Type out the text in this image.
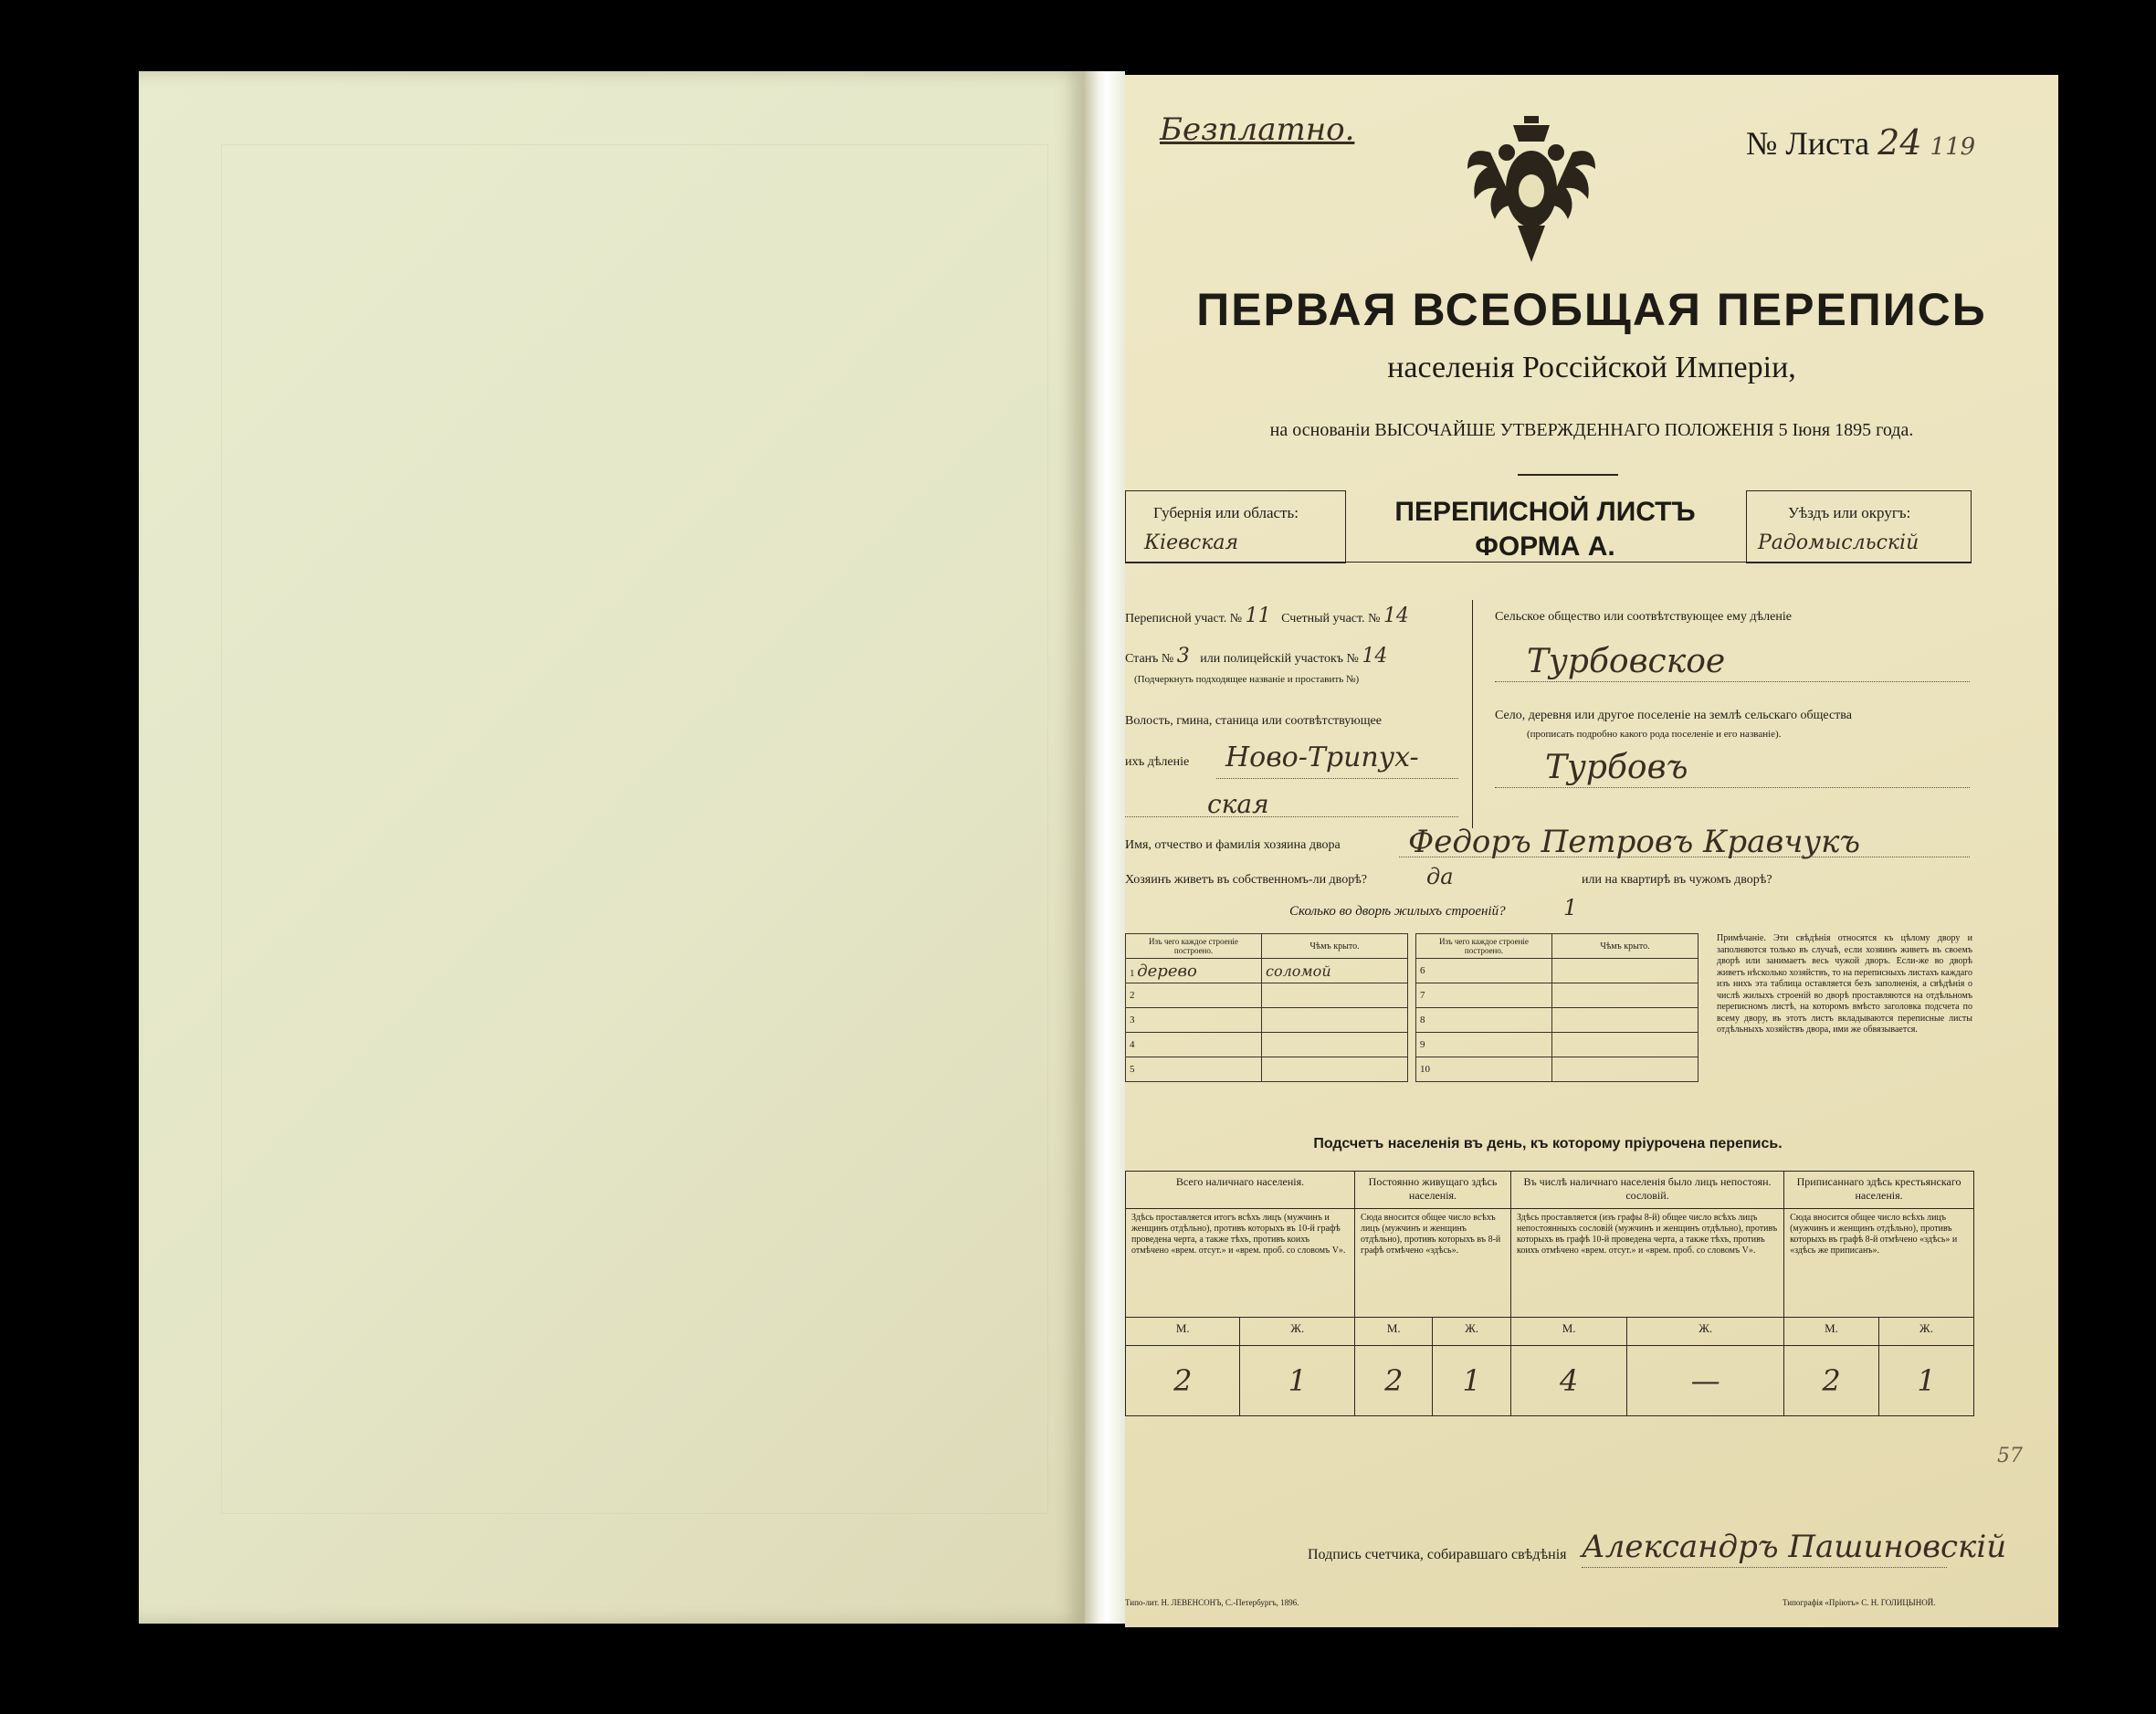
Безплатно.	№ Листа 24 119
ПЕРВАЯ ВСЕОБЩАЯ ПЕРЕПИСЬ
населенія Россійской Имперіи,
на основаніи ВЫСОЧАЙШЕ УТВЕРЖДЕННАГО ПОЛОЖЕНІЯ 5 Іюня 1895 года.
Губернія или область:
Кiевская
ПЕРЕПИСНОЙ ЛИСТЪ
ФОРМА А.
Уѣздъ или округъ:
Радомысльскiй
Переписной участ. № 11 Счетный участ. № 14
Станъ № 3 или полицейскій участокъ № 14
(Подчеркнуть подходящее названіе и проставить №)
Волость, гмина, станица или соотвѣтствующее
ихъ дѣленіе Ново-Трипуx-
ская
Сельское общество или соотвѣтствующее ему дѣленіе
Турбовское
Село, деревня или другое поселеніе на землѣ сельскаго общества
(прописать подробно какого рода поселеніе и его названіе).
Турбовъ
Имя, отчество и фамилія хозяина двора Федоръ Петровъ Кравчукъ
Хозяинъ живетъ въ собственномъ-ли дворѣ?	да	или на квартирѣ въ чужомъ дворѣ?
Сколько во дворѣ жилыхъ строеній?	1
Изъ чего каждое строеніе построено.	Чѣмъ крыто.
1 дерево	соломой
2	
3	
4	
5	
Изъ чего каждое строеніе построено.	Чѣмъ крыто.
6	
7	
8	
9	
10	
Примѣчаніе. Эти свѣдѣнія относятся къ цѣлому двору и заполняются только въ случаѣ, если хозяинъ живетъ въ своемъ дворѣ или занимаетъ весь чужой дворъ. Если-же во дворѣ живетъ нѣсколько хозяйствъ, то на переписныхъ листахъ каждаго изъ нихъ эта таблица оставляется безъ заполненія, а свѣдѣнія о числѣ жилыхъ строеній во дворѣ проставляются на отдѣльномъ переписномъ листѣ, на которомъ вмѣсто заголовка подсчета по всему двору, въ этотъ листъ вкладываются переписные листы отдѣльныхъ хозяйствъ двора, ими же обвязывается.
Подсчетъ населенія въ день, къ которому пріурочена перепись.
Всего наличнаго населенія.		Постоянно живущаго здѣсь населенія.		Въ числѣ наличнаго населенія было лицъ непостоян. сословій.		Приписаннаго здѣсь крестьянскаго населенія.	
Здѣсь проставляется итогъ всѣхъ лицъ (мужчинъ и женщинъ отдѣльно), противъ которыхъ въ 10-й графѣ проведена черта, а также тѣхъ, противъ коихъ отмѣчено «врем. отсут.» и «врем. проб. со словомъ V».		Сюда вносится общее число всѣхъ лицъ (мужчинъ и женщинъ отдѣльно), противъ которыхъ въ 8-й графѣ отмѣчено «здѣсь».		Здѣсь проставляется (изъ графы 8-й) общее число всѣхъ лицъ непостоянныхъ сословій (мужчинъ и женщинъ отдѣльно), противъ которыхъ въ графѣ 10-й проведена черта, а также тѣхъ, противъ коихъ отмѣчено «врем. отсут.» и «врем. проб. со словомъ V».		Сюда вносится общее число всѣхъ лицъ (мужчинъ и женщинъ отдѣльно), противъ которыхъ въ графѣ 8-й отмѣчено «здѣсь» и «здѣсь же приписанъ».	
М.	Ж.	М.	Ж.	М.	Ж.	М.	Ж.
2	1	2	1	4	—	2	1
57
Подпись счетчика, собиравшаго свѣдѣнія Александръ Пашиновскiй
Типо-лит. Н. ЛЕВЕНСОНЪ, С.-Петербургъ, 1896.	Типографія «Пріютъ» С. Н. ГОЛИЦЫНОЙ.
